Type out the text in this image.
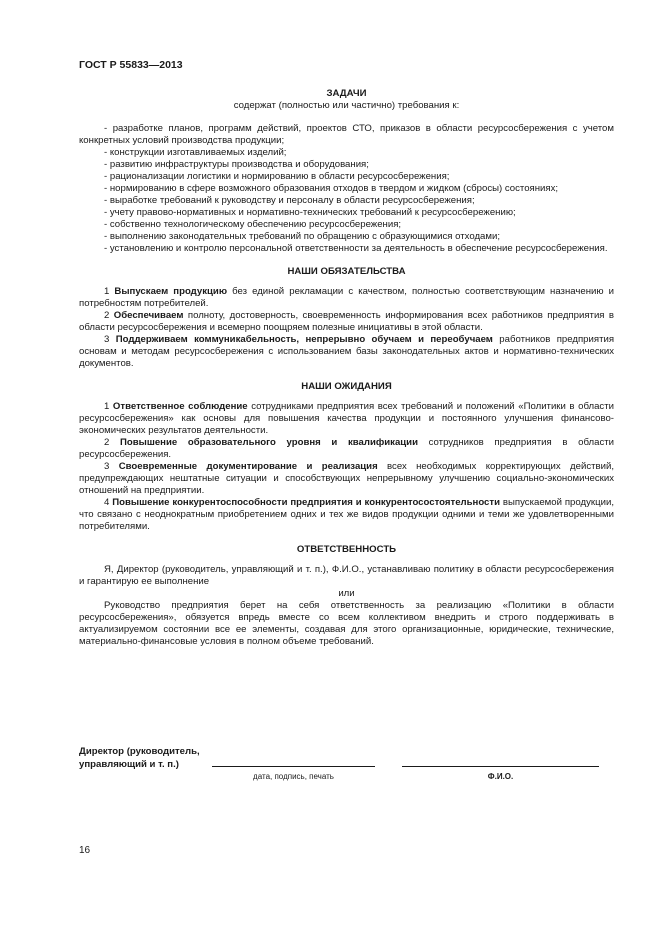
ГОСТ Р 55833—2013

ЗАДАЧИ

содержат (полностью или частично) требования к:

- разработке планов, программ действий, проектов СТО, приказов в области ресурсосбережения с учетом конкретных условий производства продукции;

- конструкции изготавливаемых изделий;

- развитию инфраструктуры производства и оборудования;

- рационализации логистики и нормированию в области ресурсосбережения;

- нормированию в сфере возможного образования отходов в твердом и жидком (сбросы) состояниях;

- выработке требований к руководству и персоналу в области ресурсосбережения;

- учету правово-нормативных и нормативно-технических требований к ресурсосбережению;

- собственно технологическому обеспечению ресурсосбережения;

- выполнению законодательных требований по обращению с образующимися отходами;

- установлению и контролю персональной ответственности за деятельность в обеспечение ресурсосбережения.

НАШИ ОБЯЗАТЕЛЬСТВА

1 Выпускаем продукцию без единой рекламации с качеством, полностью соответствующим назначению и потребностям потребителей.

2 Обеспечиваем полноту, достоверность, своевременность информирования всех работников предприятия в области ресурсосбережения и всемерно поощряем полезные инициативы в этой области.

3 Поддерживаем коммуникабельность, непрерывно обучаем и переобучаем работников предприятия основам и методам ресурсосбережения с использованием базы законодательных актов и нормативно-технических документов.

НАШИ ОЖИДАНИЯ

1 Ответственное соблюдение сотрудниками предприятия всех требований и положений «Политики в области ресурсосбережения» как основы для повышения качества продукции и постоянного улучшения финансово-экономических результатов деятельности.

2 Повышение образовательного уровня и квалификации сотрудников предприятия в области ресурсосбережения.

3 Своевременные документирование и реализация всех необходимых корректирующих действий, предупреждающих нештатные ситуации и способствующих непрерывному улучшению социально-экономических отношений на предприятии.

4 Повышение конкурентоспособности предприятия и конкурентосостоятельности выпускаемой продукции, что связано с неоднократным приобретением одних и тех же видов продукции одними и теми же удовлетворенными потребителями.

ОТВЕТСТВЕННОСТЬ

Я, Директор (руководитель, управляющий и т. п.), Ф.И.О., устанавливаю политику в области ресурсосбережения и гарантирую ее выполнение

или

Руководство предприятия берет на себя ответственность за реализацию «Политики в области ресурсосбережения», обязуется впредь вместе со всем коллективом внедрить и строго поддерживать в актуализируемом состоянии все ее элементы, создавая для этого организационные, юридические, технические, материально-финансовые условия в полном объеме требований.

Директор (руководитель,
управляющий и т. п.)
дата, подпись, печать	Ф.И.О.
16
